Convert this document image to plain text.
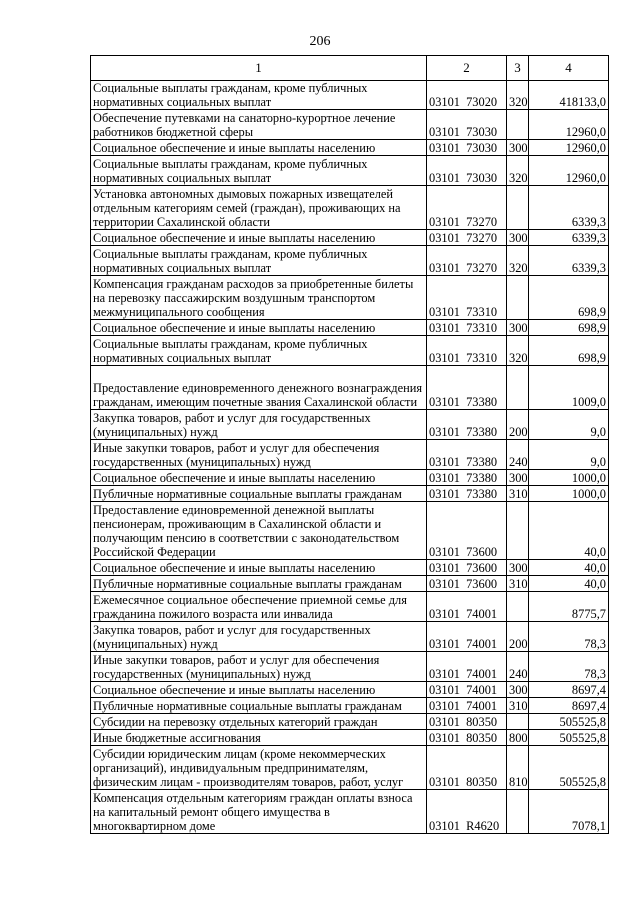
206
1	2	3	4
Социальные выплаты гражданам, кроме публичных нормативных социальных выплат	03101 73020	320	418133,0
Обеспечение путевками на санаторно-курортное лечение работников бюджетной сферы	03101 73030		12960,0
Социальное обеспечение и иные выплаты населению	03101 73030	300	12960,0
Социальные выплаты гражданам, кроме публичных нормативных социальных выплат	03101 73030	320	12960,0
Установка автономных дымовых пожарных извещателей отдельным категориям семей (граждан), проживающих на территории Сахалинской области	03101 73270		6339,3
Социальное обеспечение и иные выплаты населению	03101 73270	300	6339,3
Социальные выплаты гражданам, кроме публичных нормативных социальных выплат	03101 73270	320	6339,3
Компенсация гражданам расходов за приобретенные билеты на перевозку пассажирским воздушным транспортом межмуниципального сообщения	03101 73310		698,9
Социальное обеспечение и иные выплаты населению	03101 73310	300	698,9
Социальные выплаты гражданам, кроме публичных нормативных социальных выплат	03101 73310	320	698,9
Предоставление единовременного денежного вознаграждения гражданам, имеющим почетные звания Сахалинской области	03101 73380		1009,0
Закупка товаров, работ и услуг для государственных (муниципальных) нужд	03101 73380	200	9,0
Иные закупки товаров, работ и услуг для обеспечения государственных (муниципальных) нужд	03101 73380	240	9,0
Социальное обеспечение и иные выплаты населению	03101 73380	300	1000,0
Публичные нормативные социальные выплаты гражданам	03101 73380	310	1000,0
Предоставление единовременной денежной выплаты пенсионерам, проживающим в Сахалинской области и получающим пенсию в соответствии с законодательством Российской Федерации	03101 73600		40,0
Социальное обеспечение и иные выплаты населению	03101 73600	300	40,0
Публичные нормативные социальные выплаты гражданам	03101 73600	310	40,0
Ежемесячное социальное обеспечение приемной семье для гражданина пожилого возраста или инвалида	03101 74001		8775,7
Закупка товаров, работ и услуг для государственных (муниципальных) нужд	03101 74001	200	78,3
Иные закупки товаров, работ и услуг для обеспечения государственных (муниципальных) нужд	03101 74001	240	78,3
Социальное обеспечение и иные выплаты населению	03101 74001	300	8697,4
Публичные нормативные социальные выплаты гражданам	03101 74001	310	8697,4
Субсидии на перевозку отдельных категорий граждан	03101 80350		505525,8
Иные бюджетные ассигнования	03101 80350	800	505525,8
Субсидии юридическим лицам (кроме некоммерческих организаций), индивидуальным предпринимателям, физическим лицам - производителям товаров, работ, услуг	03101 80350	810	505525,8
Компенсация отдельным категориям граждан оплаты взноса на капитальный ремонт общего имущества в многоквартирном доме	03101 R4620		7078,1
